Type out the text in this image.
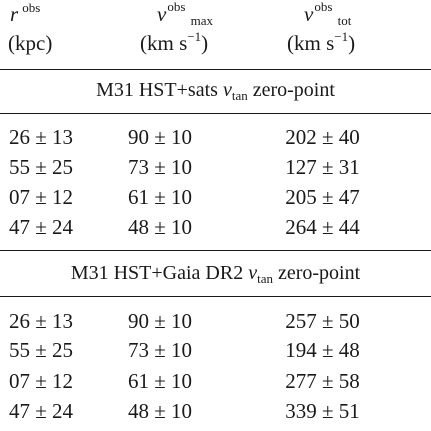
r $^{obs}$
(kpc)
$v^{obs}$ max
(km $s^{-1}$)
$v^{obs}$ tot
(km $s^{-1}$)
M31 HST+sats $v_{tan}$ zero-point
26 ± 13	90 ± 10	202 ± 40
55 ± 25	73 ± 10	127 ± 31
07 ± 12	61 ± 10	205 ± 47
47 ± 24	48 ± 10	264 ± 44
M31 HST+Gaia DR2 $v_{tan}$ zero-point
26 ± 13	90 ± 10	257 ± 50
55 ± 25	73 ± 10	194 ± 48
07 ± 12	61 ± 10	277 ± 58
47 ± 24	48 ± 10	339 ± 51
